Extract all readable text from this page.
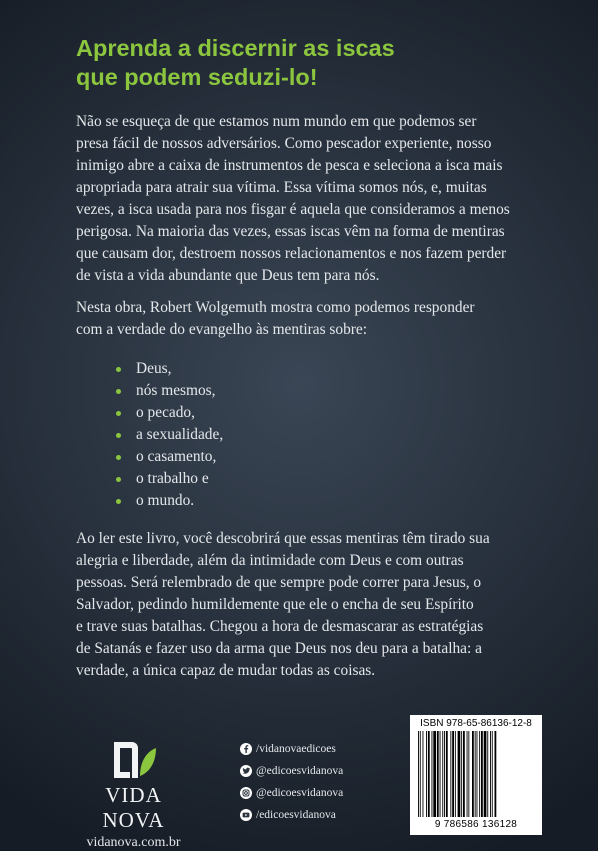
Aprenda a discernir as iscas
que podem seduzi-lo!

Não se esqueça de que estamos num mundo em que podemos ser
presa fácil de nossos adversários. Como pescador experiente, nosso
inimigo abre a caixa de instrumentos de pesca e seleciona a isca mais
apropriada para atrair sua vítima. Essa vítima somos nós, e, muitas
vezes, a isca usada para nos fisgar é aquela que consideramos a menos
perigosa. Na maioria das vezes, essas iscas vêm na forma de mentiras
que causam dor, destroem nossos relacionamentos e nos fazem perder
de vista a vida abundante que Deus tem para nós.

Nesta obra, Robert Wolgemuth mostra como podemos responder
com a verdade do evangelho às mentiras sobre:

Deus,
nós mesmos,
o pecado,
a sexualidade,
o casamento,
o trabalho e
o mundo.

Ao ler este livro, você descobrirá que essas mentiras têm tirado sua
alegria e liberdade, além da intimidade com Deus e com outras
pessoas. Será relembrado de que sempre pode correr para Jesus, o
Salvador, pedindo humildemente que ele o encha de seu Espírito
e trave suas batalhas. Chegou a hora de desmascarar as estratégias
de Satanás e fazer uso da arma que Deus nos deu para a batalha: a
verdade, a única capaz de mudar todas as coisas.

VIDA NOVA
vidanova.com.br
/vidanovaedicoes
@edicoesvidanova
@edicoesvidanova
/edicoesvidanova
ISBN 978-65-86136-12-8
9 786586 136128
